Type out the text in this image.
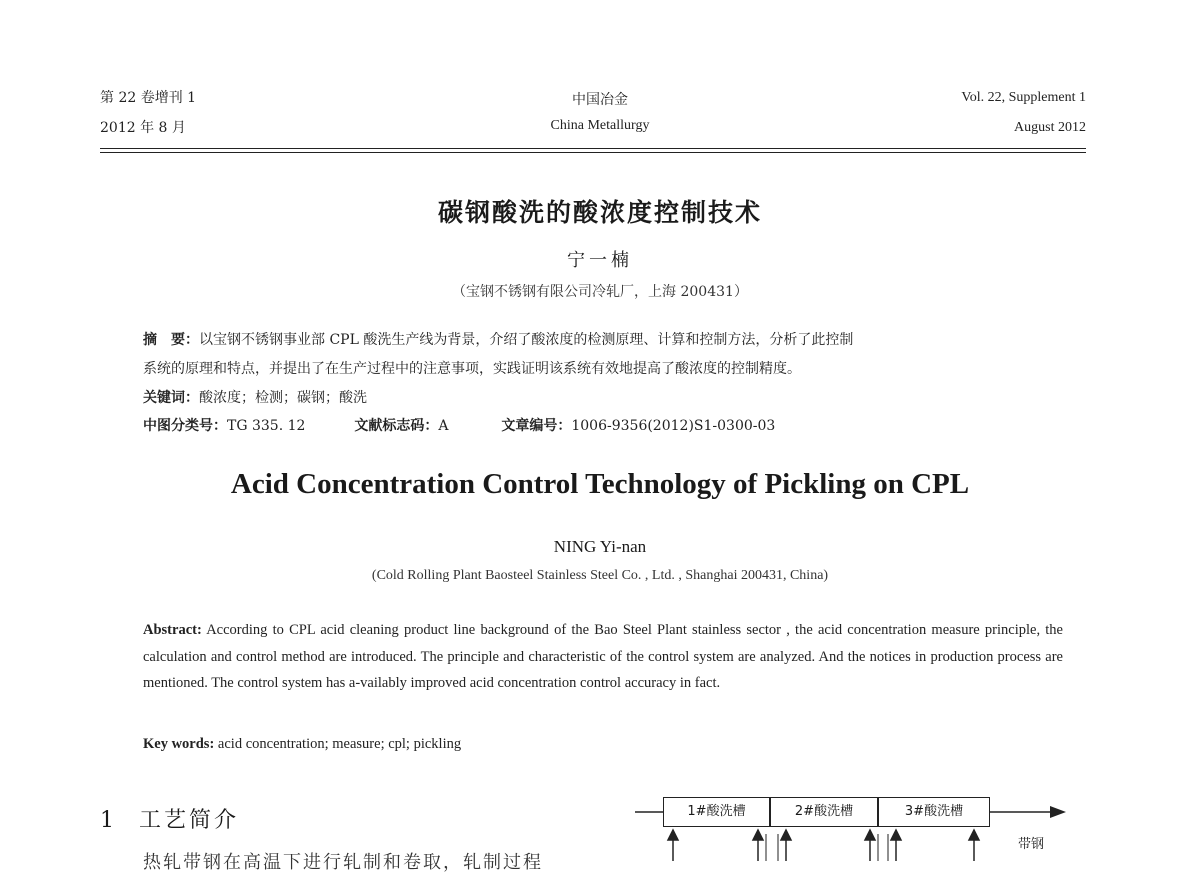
第 22 卷增刊 1
2012 年 8 月
中国冶金
China Metallurgy
Vol. 22, Supplement 1
August 2012
碳钢酸洗的酸浓度控制技术
宁一楠
（宝钢不锈钢有限公司冷轧厂，上海 200431）
摘　要：以宝钢不锈钢事业部 CPL 酸洗生产线为背景，介绍了酸浓度的检测原理、计算和控制方法，分析了此控制
系统的原理和特点，并提出了在生产过程中的注意事项，实践证明该系统有效地提高了酸浓度的控制精度。
关键词：酸浓度；检测；碳钢；酸洗
中图分类号：TG 335. 12	文献标志码：A	文章编号：1006-9356(2012)S1-0300-03
Acid Concentration Control Technology of Pickling on CPL
NING Yi-nan
(Cold Rolling Plant Baosteel Stainless Steel Co. , Ltd. , Shanghai 200431, China)
Abstract: According to CPL acid cleaning product line background of the Bao Steel Plant stainless sector , the acid concentration measure principle, the calculation and control method are introduced. The principle and characteristic of the control system are analyzed. And the notices in production process are mentioned. The control system has a-vailably improved acid concentration control accuracy in fact.
Key words: acid concentration; measure; cpl; pickling
1 工艺简介
热轧带钢在高温下进行轧制和卷取，轧制过程
1#酸洗槽	2#酸洗槽	3#酸洗槽
带钢
